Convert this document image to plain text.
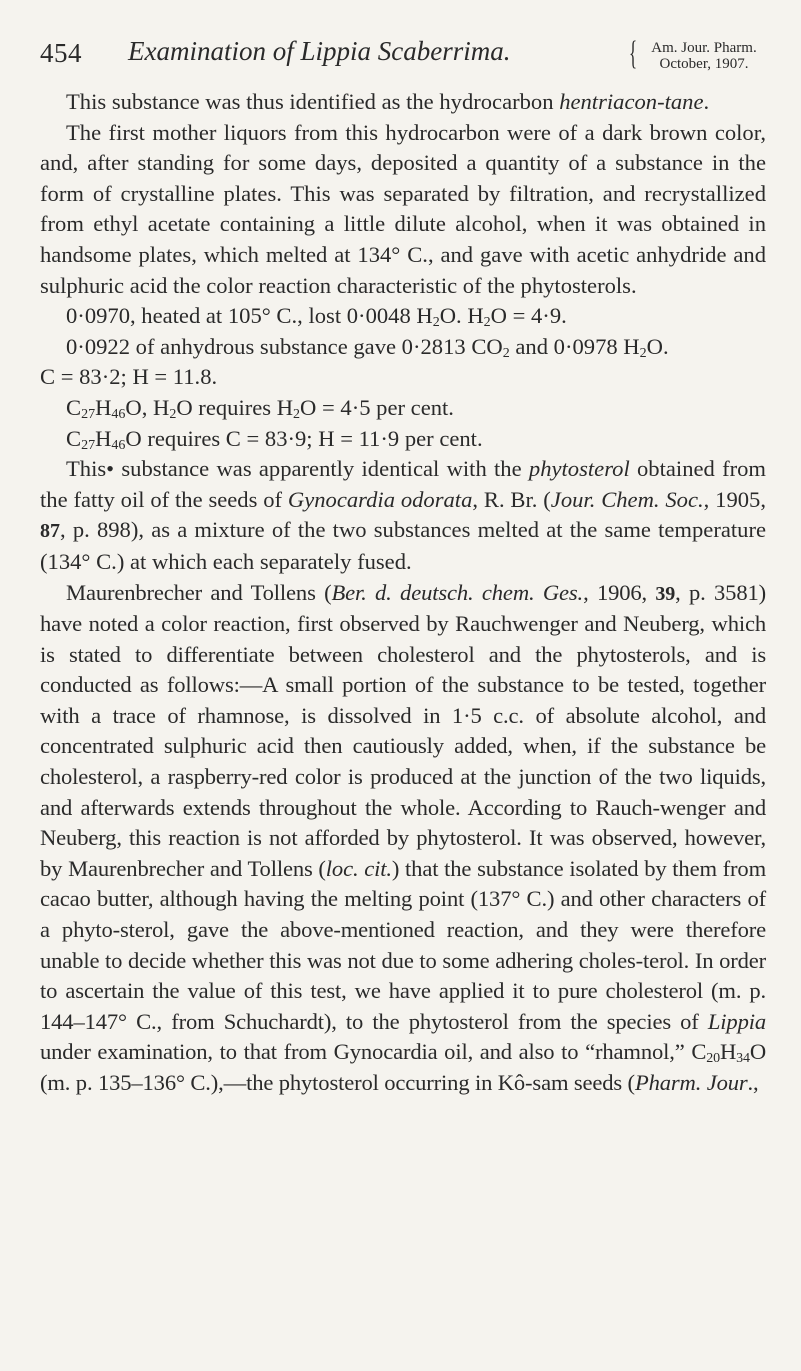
454 Examination of Lippia Scaberrima.	{ Am. Jour. Pharm.
October, 1907.

This substance was thus identified as the hydrocarbon hentriacon-tane.

The first mother liquors from this hydrocarbon were of a dark brown color, and, after standing for some days, deposited a quantity of a substance in the form of crystalline plates. This was separated by filtration, and recrystallized from ethyl acetate containing a little dilute alcohol, when it was obtained in handsome plates, which melted at 134° C., and gave with acetic anhydride and sulphuric acid the color reaction characteristic of the phytosterols.

0·0970, heated at 105° C., lost 0·0048 $H_2O$. $H_2O = 4\cdot 9$.

0·0922 of anhydrous substance gave 0·2813 $CO_2$ and 0·0978 $H_2O$.

C = 83·2; H = 11.8.

$C_{27}H_{46}O$, $H_2O$ requires $H_2O = 4\cdot 5$ per cent.

$C_{27}H_{46}O$ requires C = 83·9; H = 11·9 per cent.

This• substance was apparently identical with the phytosterol obtained from the fatty oil of the seeds of Gynocardia odorata, R. Br. (Jour. Chem. Soc., 1905, 87, p. 898), as a mixture of the two substances melted at the same temperature (134° C.) at which each separately fused.

Maurenbrecher and Tollens (Ber. d. deutsch. chem. Ges., 1906, 39, p. 3581) have noted a color reaction, first observed by Rauchwenger and Neuberg, which is stated to differentiate between cholesterol and the phytosterols, and is conducted as follows:—A small portion of the substance to be tested, together with a trace of rhamnose, is dissolved in 1·5 c.c. of absolute alcohol, and concentrated sulphuric acid then cautiously added, when, if the substance be cholesterol, a raspberry-red color is produced at the junction of the two liquids, and afterwards extends throughout the whole. According to Rauch-wenger and Neuberg, this reaction is not afforded by phytosterol. It was observed, however, by Maurenbrecher and Tollens (loc. cit.) that the substance isolated by them from cacao butter, although having the melting point (137° C.) and other characters of a phyto-sterol, gave the above-mentioned reaction, and they were therefore unable to decide whether this was not due to some adhering choles-terol. In order to ascertain the value of this test, we have applied it to pure cholesterol (m. p. 144–147° C., from Schuchardt), to the phytosterol from the species of Lippia under examination, to that from Gynocardia oil, and also to “rhamnol,” $C_{20}H_{34}O$ (m. p. 135–136° C.),—the phytosterol occurring in Kô-sam seeds (Pharm. Jour.,
